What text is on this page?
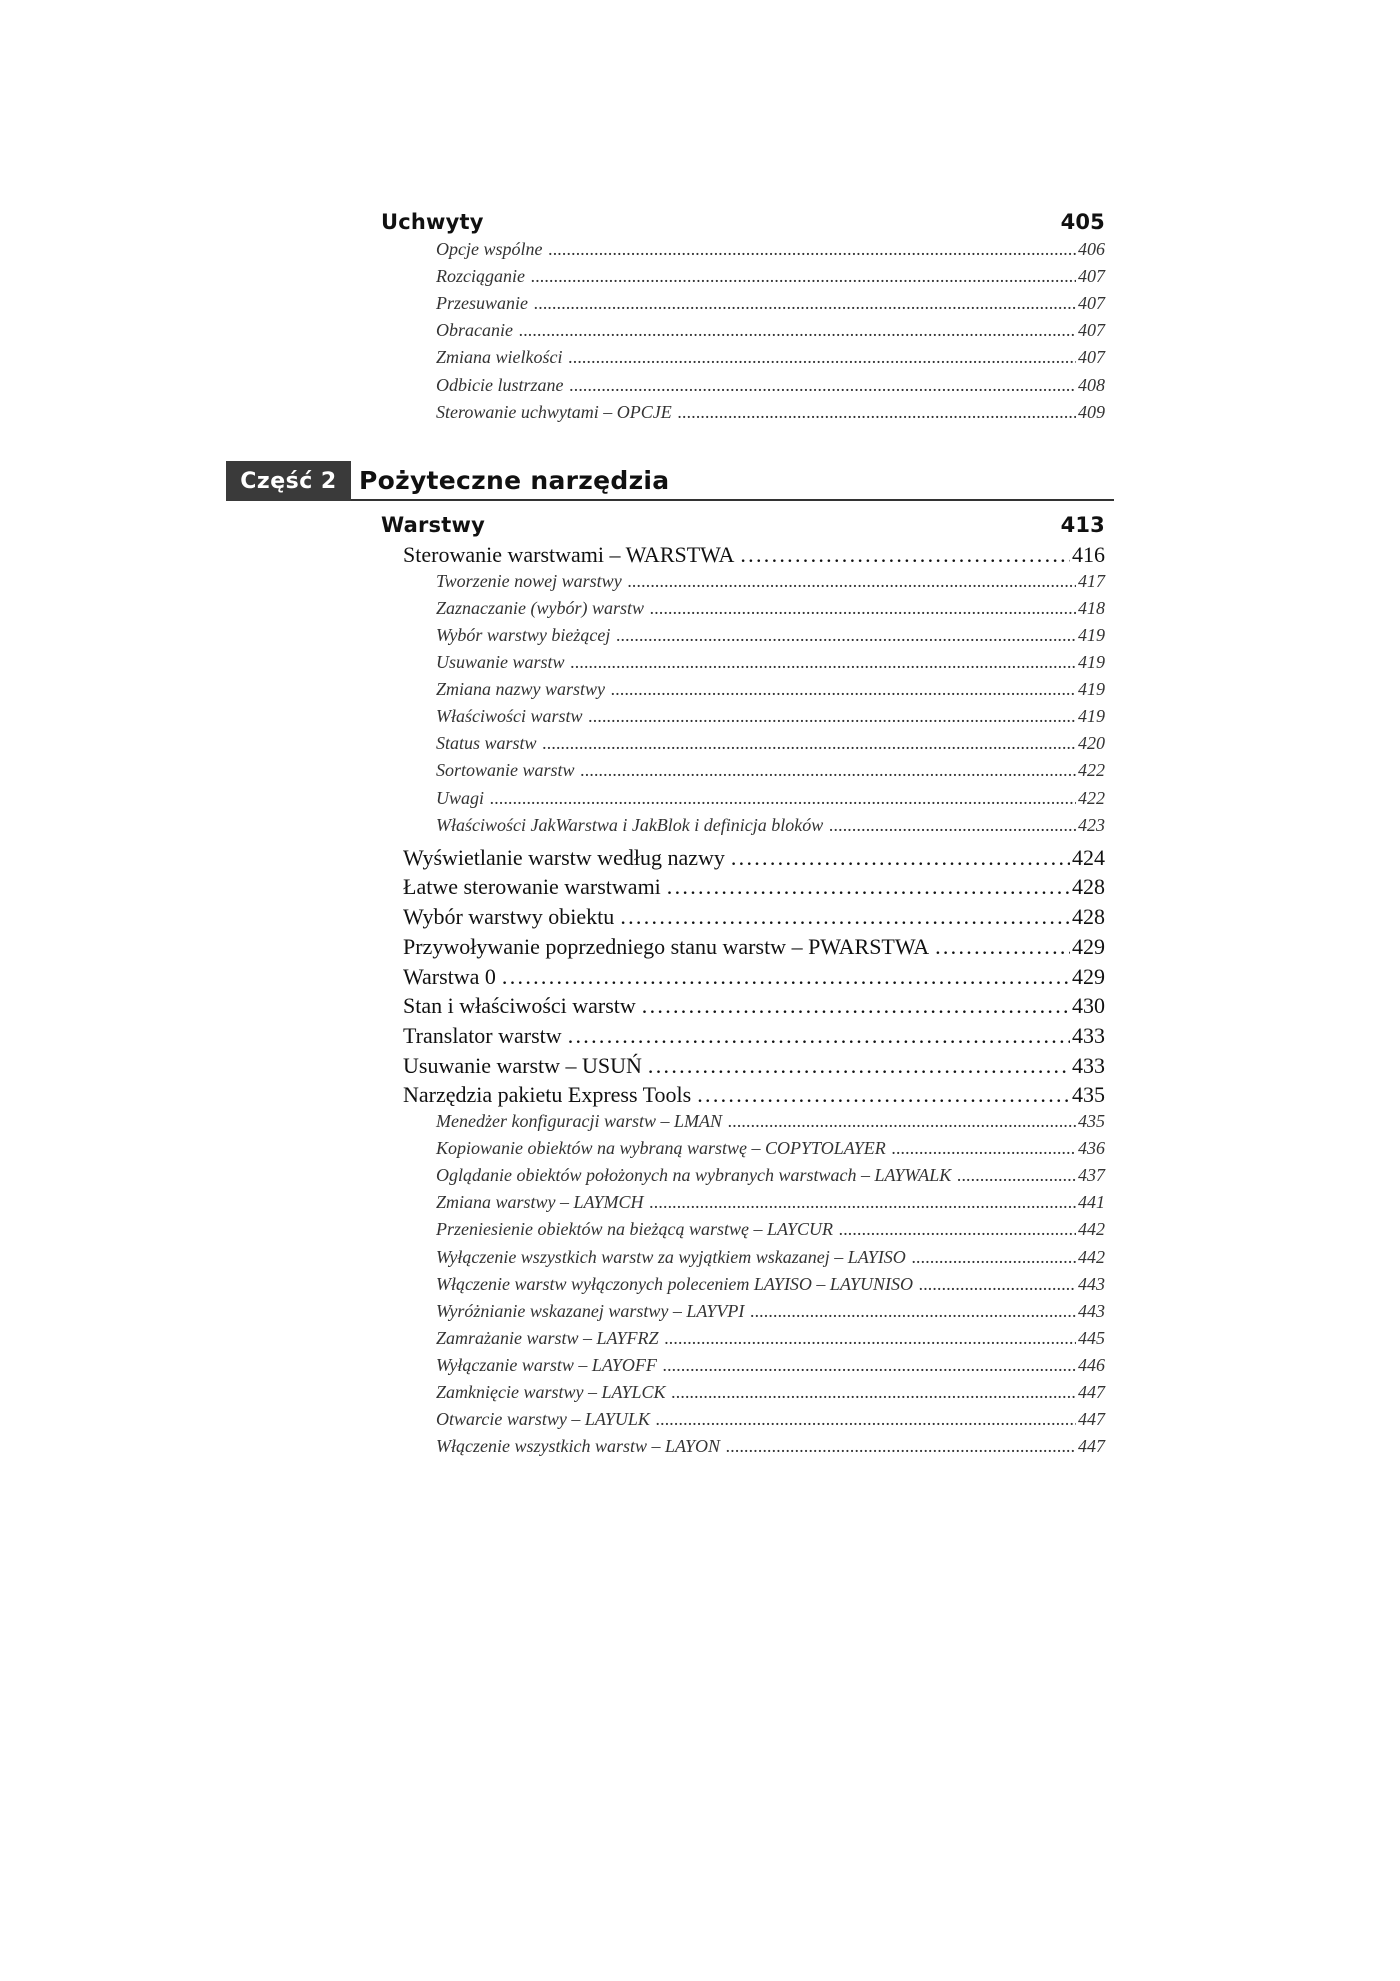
Uchwyty	405
Opcje wspólne . . .	406
Rozciąganie . . .	407
Przesuwanie . . .	407
Obracanie . . .	407
Zmiana wielkości . . .	407
Odbicie lustrzane . . .	408
Sterowanie uchwytami – OPCJE . . .	409
Część 2 Pożyteczne narzędzia
Warstwy	413
Sterowanie warstwami – WARSTWA . . .	416
Tworzenie nowej warstwy . . .	417
Zaznaczanie (wybór) warstw . . .	418
Wybór warstwy bieżącej . . .	419
Usuwanie warstw . . .	419
Zmiana nazwy warstwy . . .	419
Właściwości warstw . . .	419
Status warstw . . .	420
Sortowanie warstw . . .	422
Uwagi . . .	422
Właściwości JakWarstwa i JakBlok i definicja bloków . . .	423
Wyświetlanie warstw według nazwy . . .	424
Łatwe sterowanie warstwami . . .	428
Wybór warstwy obiektu . . .	428
Przywoływanie poprzedniego stanu warstw – PWARSTWA . . .	429
Warstwa 0 . . .	429
Stan i właściwości warstw . . .	430
Translator warstw . . .	433
Usuwanie warstw – USUŃ . . .	433
Narzędzia pakietu Express Tools . . .	435
Menedżer konfiguracji warstw – LMAN . . .	435
Kopiowanie obiektów na wybraną warstwę – COPYTOLAYER . . .	436
Oglądanie obiektów położonych na wybranych warstwach – LAYWALK . . .	437
Zmiana warstwy – LAYMCH . . .	441
Przeniesienie obiektów na bieżącą warstwę – LAYCUR . . .	442
Wyłączenie wszystkich warstw za wyjątkiem wskazanej – LAYISO . . .	442
Włączenie warstw wyłączonych poleceniem LAYISO – LAYUNISO . . .	443
Wyróżnianie wskazanej warstwy – LAYVPI . . .	443
Zamrażanie warstw – LAYFRZ . . .	445
Wyłączanie warstw – LAYOFF . . .	446
Zamknięcie warstwy – LAYLCK . . .	447
Otwarcie warstwy – LAYULK . . .	447
Włączenie wszystkich warstw – LAYON . . .	447
